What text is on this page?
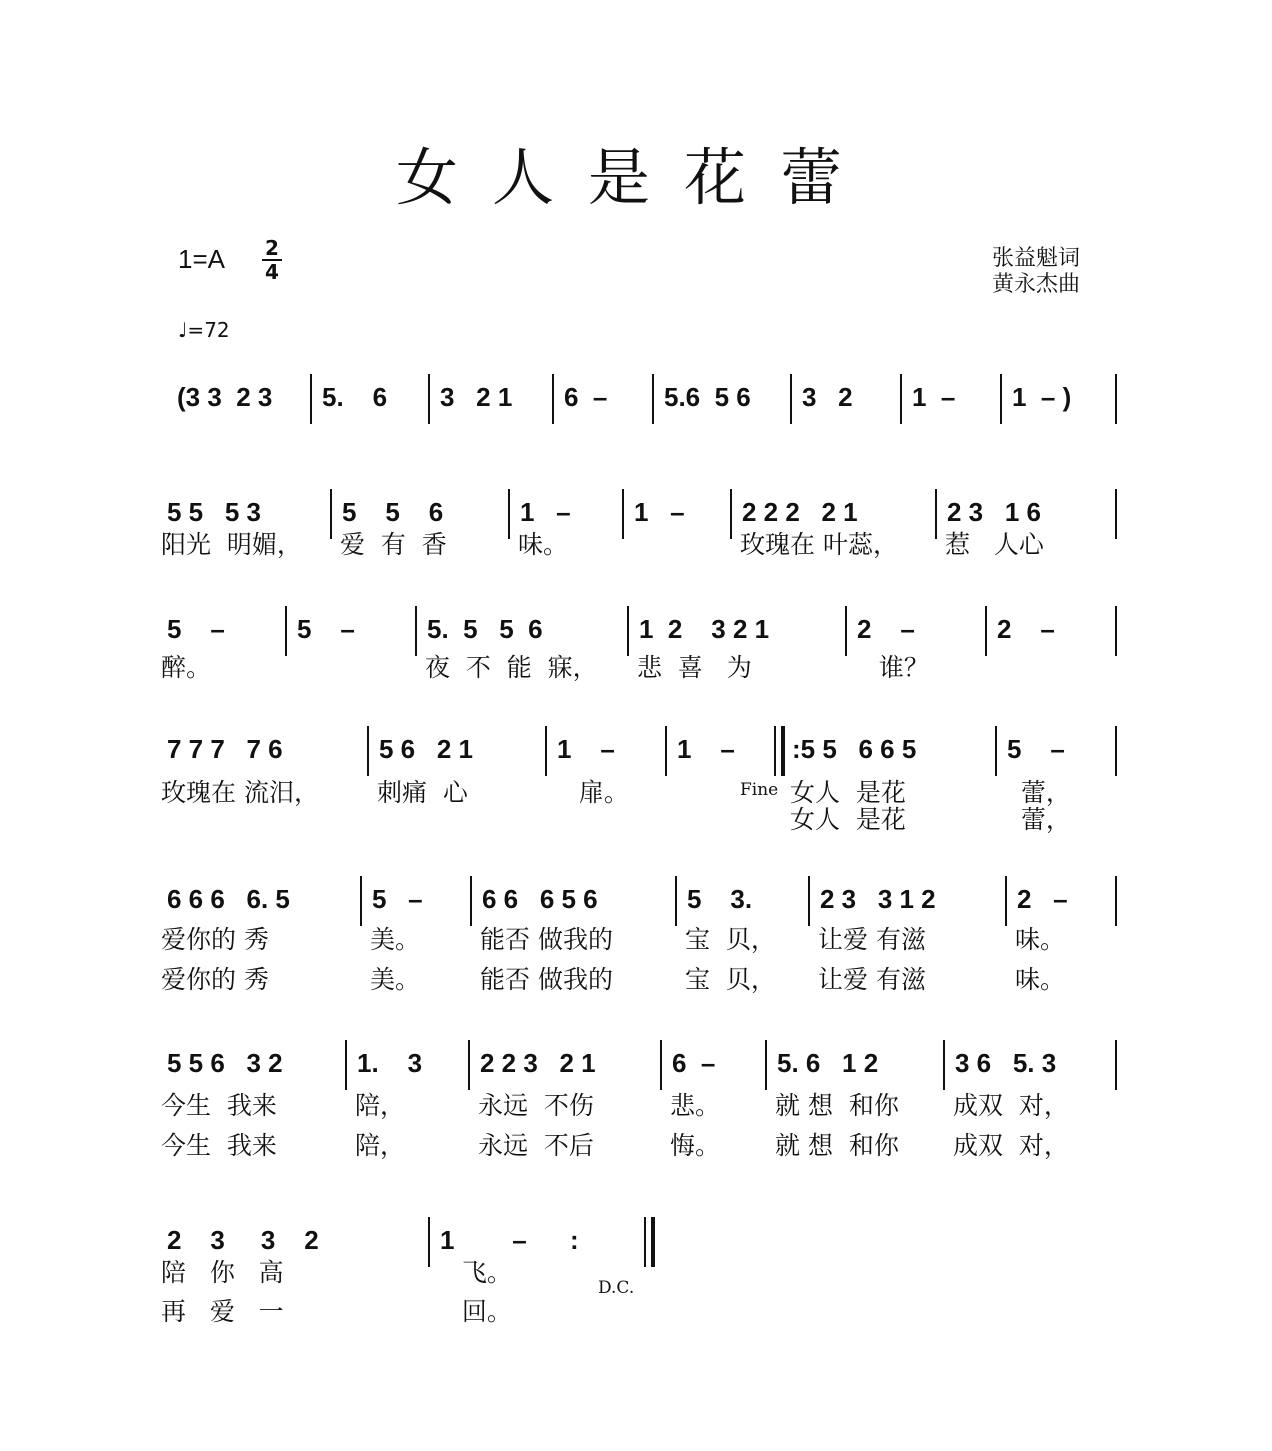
女人是花蕾
1=A 2
4
♩=72
张益魁词
黄永杰曲
Fine
D.C.
(3 3  2 3	5.    6	3   2 1	6  –	5.6  5 6	3   2	1  –	1  – )
5 5   5 3
阳光  明媚，
5    5    6
爱  有  香
1   –
味。
1   –	2 2 2   2 1
玫瑰在 叶蕊，
2 3   1 6
惹   人心
5    –
醉。
5    –	5.  5   5  6
夜  不  能  寐，
1  2    3 2 1
悲  喜   为
2    –
谁？
2    –
7 7 7   7 6
玫瑰在 流汨，
5 6   2 1
刺痛  心
1    –
扉。
1    –	:5 5   6 6 5
女人  是花
女人  是花
5    –
蕾，
蕾，
6 6 6   6. 5
爱你的 秀
爱你的 秀
5   –
美。
美。
6 6   6 5 6
能否 做我的
能否 做我的
5    3.
宝  贝，
宝  贝，
2 3   3 1 2
让爱 有滋
让爱 有滋
2   –
味。
味。
5 5 6   3 2
今生  我来
今生  我来
1.    3
陪，
陪，
2 2 3   2 1
永远  不伤
永远  不后
6  –
悲。
悔。
5. 6   1 2
就 想  和你
就 想  和你
3 6   5. 3
成双  对，
成双  对，
2    3     3    2
陪   你   高
再   爱   一
1        –      :
飞。
回。
